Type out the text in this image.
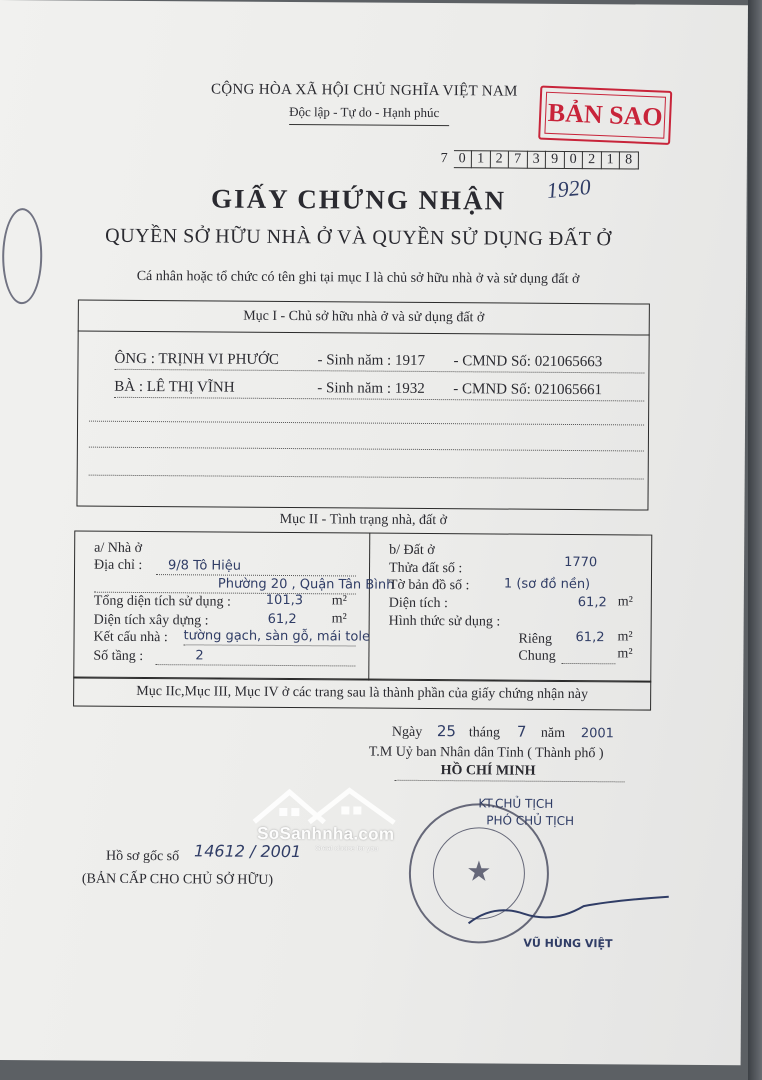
CỘNG HÒA XÃ HỘI CHỦ NGHĨA VIỆT NAM
Độc lập - Tự do - Hạnh phúc	BẢN SAO
7 0 1 2 7 3 9 0 2 1 8
1920
GIẤY CHỨNG NHẬN
QUYỀN SỞ HỮU NHÀ Ở VÀ QUYỀN SỬ DỤNG ĐẤT Ở
Cá nhân hoặc tổ chức có tên ghi tại mục I là chủ sở hữu nhà ở và sử dụng đất ở
Mục I - Chủ sở hữu nhà ở và sử dụng đất ở
ÔNG : TRỊNH VI PHƯỚC	- Sinh năm : 1917 - CMND Số: 021065663
BÀ : LÊ THỊ VĨNH	- Sinh năm : 1932 - CMND Số: 021065661
Mục II - Tình trạng nhà, đất ở
a/ Nhà ở
Địa chỉ : 9/8 Tô Hiệu
Phường 20 , Quận Tân Bình
Tổng diện tích sử dụng :	101,3 m²
Diện tích xây dựng :	61,2 m²
Kết cấu nhà : tường gạch, sàn gỗ, mái tole
Số tầng :	2
b/ Đất ở
Thửa đất số :	1770
Tờ bản đồ số :	1 (sơ đồ nền)
Diện tích :	61,2 m²
Hình thức sử dụng :
Riêng 61,2 m²
Chung	m²
Mục IIc,Mục III, Mục IV ở các trang sau là thành phần của giấy chứng nhận này
Ngày 25 tháng 7 năm 2001
T.M Uỷ ban Nhân dân Tỉnh ( Thành phố )
HỒ CHÍ MINH
KT.CHỦ TỊCH
PHÓ CHỦ TỊCH
★
VŨ HÙNG VIỆT
Hồ sơ gốc số 14612 / 2001
(BẢN CẤP CHO CHỦ SỞ HỮU)
SoSanhnha.com
Great choice for you
